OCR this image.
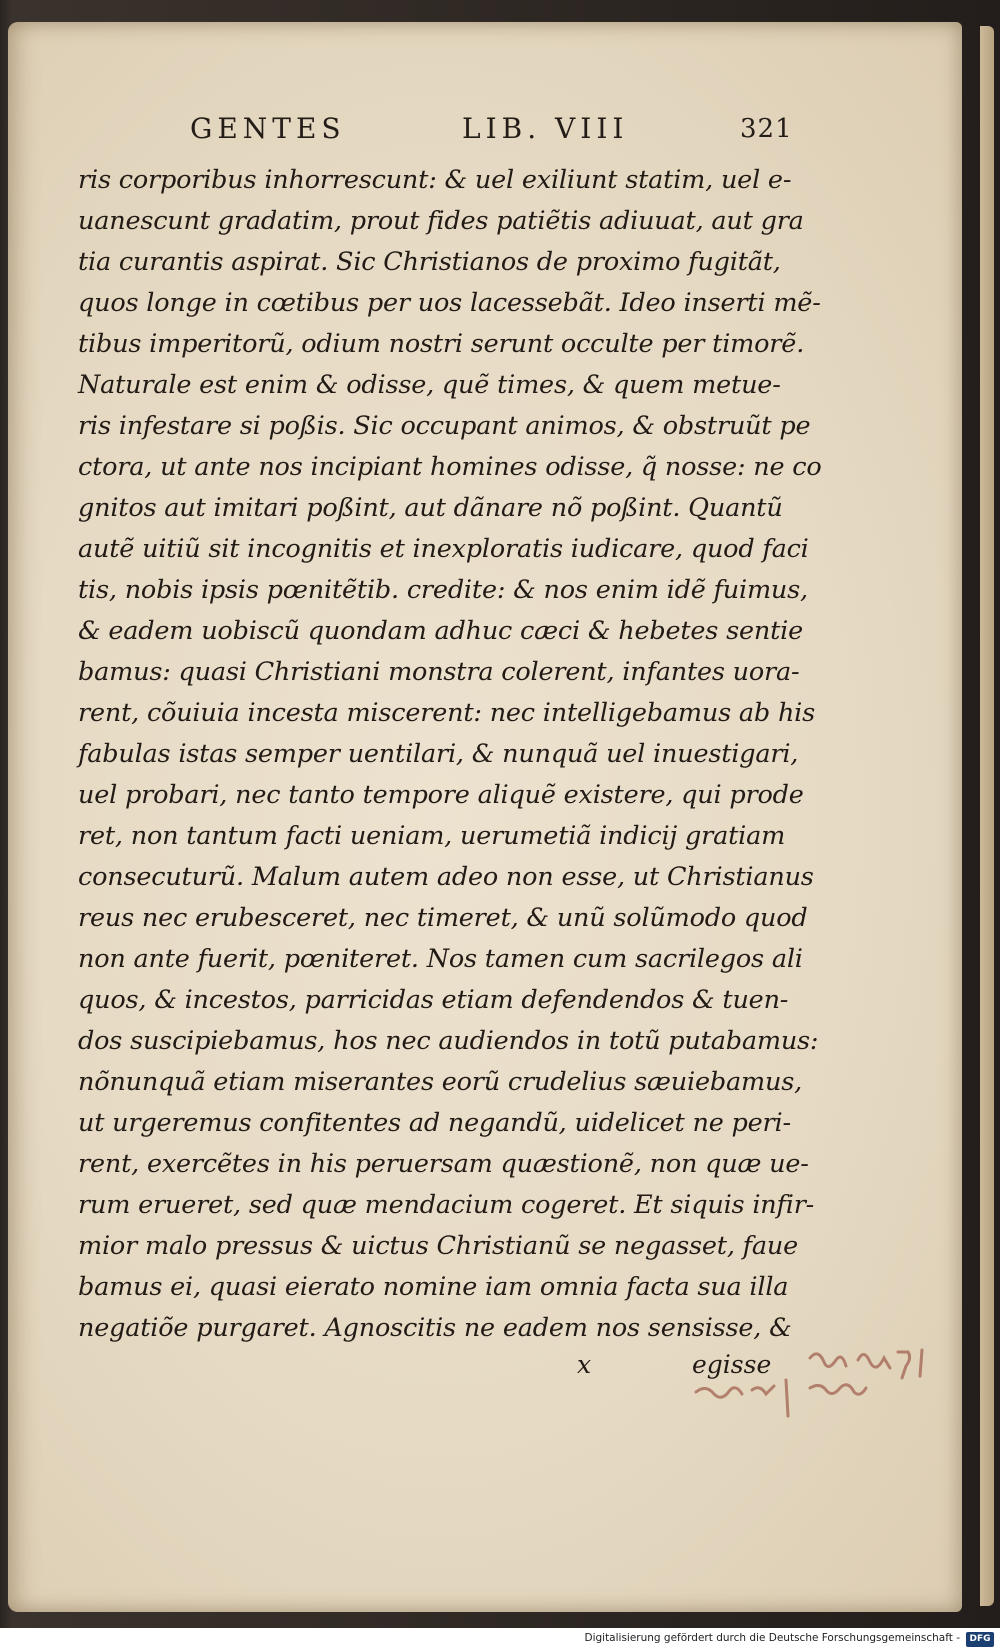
GENTES	LIB. VIII	321
ris corporibus inhorrescunt: & uel exiliunt statim, uel e-
uanescunt gradatim, prout fides patiẽtis adiuuat, aut gra
tia curantis aspirat. Sic Christianos de proximo fugitãt,
quos longe in cœtibus per uos lacessebãt. Ideo inserti mẽ-
tibus imperitorũ, odium nostri serunt occulte per timorẽ.
Naturale est enim & odisse, quẽ times, & quem metue-
ris infestare si poßis. Sic occupant animos, & obstruũt pe
ctora, ut ante nos incipiant homines odisse, q̃ nosse: ne co
gnitos aut imitari poßint, aut dãnare nõ poßint. Quantũ
autẽ uitiũ sit incognitis et inexploratis iudicare, quod faci
tis, nobis ipsis pœnitẽtib. credite: & nos enim idẽ fuimus,
& eadem uobiscũ quondam adhuc cæci & hebetes sentie
bamus: quasi Christiani monstra colerent, infantes uora-
rent, cõuiuia incesta miscerent: nec intelligebamus ab his
fabulas istas semper uentilari, & nunquã uel inuestigari,
uel probari, nec tanto tempore aliquẽ existere, qui prode
ret, non tantum facti ueniam, uerumetiã indicij gratiam
consecuturũ. Malum autem adeo non esse, ut Christianus
reus nec erubesceret, nec timeret, & unũ solũmodo quod
non ante fuerit, pœniteret. Nos tamen cum sacrilegos ali
quos, & incestos, parricidas etiam defendendos & tuen-
dos suscipiebamus, hos nec audiendos in totũ putabamus:
nõnunquã etiam miserantes eorũ crudelius sæuiebamus,
ut urgeremus confitentes ad negandũ, uidelicet ne peri-
rent, exercẽtes in his peruersam quæstionẽ, non quæ ue-
rum erueret, sed quæ mendacium cogeret. Et siquis infir-
mior malo pressus & uictus Christianũ se negasset, faue
bamus ei, quasi eierato nomine iam omnia facta sua illa
negatiõe purgaret. Agnoscitis ne eadem nos sensisse, &
x	egisse
Digitalisierung gefördert durch die Deutsche Forschungsgemeinschaft -	DFG
